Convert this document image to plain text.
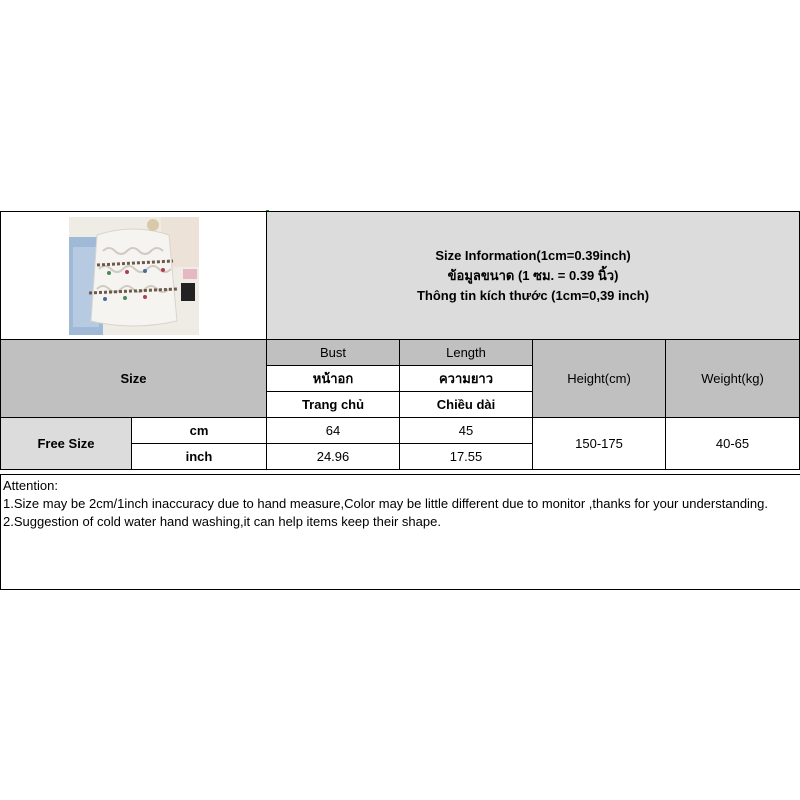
Size Information(1cm=0.39inch)
ข้อมูลขนาด (1 ซม. = 0.39 นิ้ว)
Thông tin kích thước (1cm=0,39 inch)			

Size		Bust	Length	Height(cm)	Weight(kg)
		หน้าอก	ความยาว		
		Trang chủ	Chiều dài		
Free Size	cm	64	45	150-175	40-65
	inch	24.96	17.55		
Attention:
1.Size may be 2cm/1inch inaccuracy due to hand measure,Color may be little different due to monitor ,thanks for your understanding.
2.Suggestion of cold water hand washing,it can help items keep their shape.
